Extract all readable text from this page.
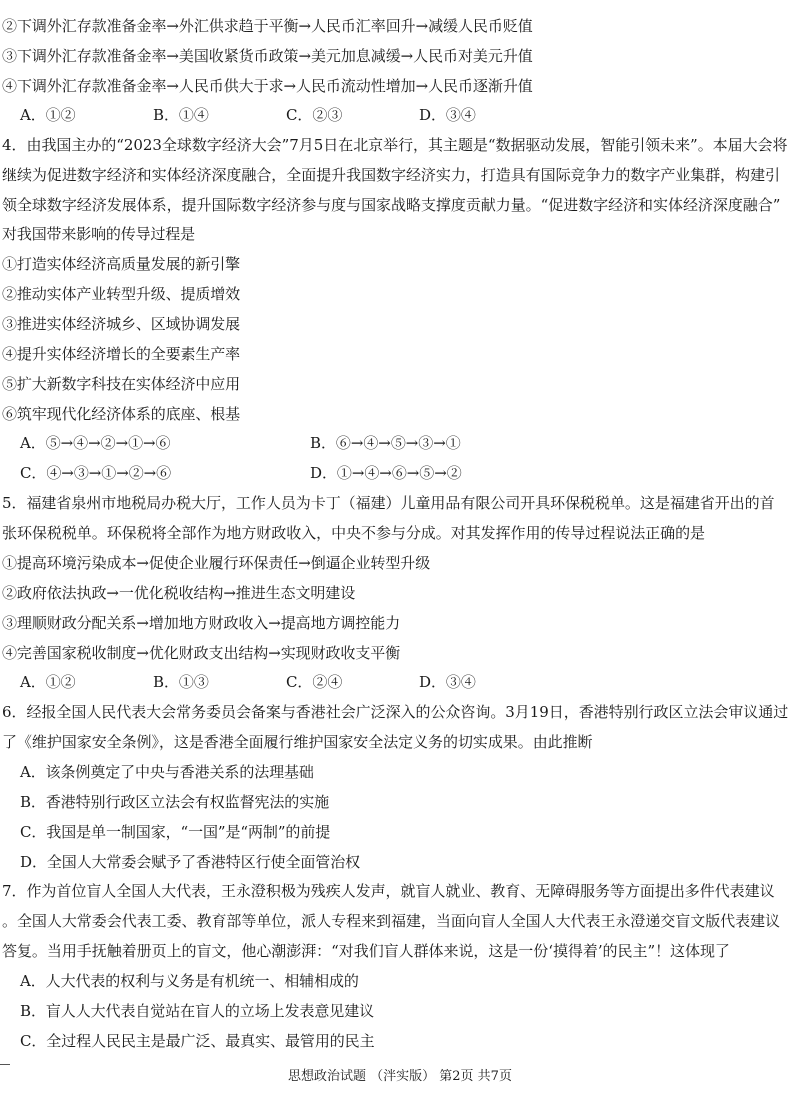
②下调外汇存款准备金率→外汇供求趋于平衡→人民币汇率回升→减缓人民币贬值
③下调外汇存款准备金率→美国收紧货币政策→美元加息减缓→人民币对美元升值
④下调外汇存款准备金率→人民币供大于求→人民币流动性增加→人民币逐渐升值
A．①②	B．①④	C．②③	D．③④
4．由我国主办的“2023全球数字经济大会”7月5日在北京举行，其主题是“数据驱动发展，智能引领未来”。本届大会将
继续为促进数字经济和实体经济深度融合，全面提升我国数字经济实力，打造具有国际竞争力的数字产业集群，构建引
领全球数字经济发展体系，提升国际数字经济参与度与国家战略支撑度贡献力量。“促进数字经济和实体经济深度融合”
对我国带来影响的传导过程是
①打造实体经济高质量发展的新引擎
②推动实体产业转型升级、提质增效
③推进实体经济城乡、区域协调发展
④提升实体经济增长的全要素生产率
⑤扩大新数字科技在实体经济中应用
⑥筑牢现代化经济体系的底座、根基
A．⑤→④→②→①→⑥	B．⑥→④→⑤→③→①
C．④→③→①→②→⑥	D．①→④→⑥→⑤→②
5．福建省泉州市地税局办税大厅，工作人员为卡丁（福建）儿童用品有限公司开具环保税税单。这是福建省开出的首
张环保税税单。环保税将全部作为地方财政收入，中央不参与分成。对其发挥作用的传导过程说法正确的是
①提高环境污染成本→促使企业履行环保责任→倒逼企业转型升级
②政府依法执政→一优化税收结构→推进生态文明建设
③理顺财政分配关系→增加地方财政收入→提高地方调控能力
④完善国家税收制度→优化财政支出结构→实现财政收支平衡
A．①②	B．①③	C．②④	D．③④
6．经报全国人民代表大会常务委员会备案与香港社会广泛深入的公众咨询。3月19日，香港特别行政区立法会审议通过
了《维护国家安全条例》，这是香港全面履行维护国家安全法定义务的切实成果。由此推断
A．该条例奠定了中央与香港关系的法理基础
B．香港特别行政区立法会有权监督宪法的实施
C．我国是单一制国家，“一国”是“两制”的前提
D．全国人大常委会赋予了香港特区行使全面管治权
7．作为首位盲人全国人大代表，王永澄积极为残疾人发声，就盲人就业、教育、无障碍服务等方面提出多件代表建议
。全国人大常委会代表工委、教育部等单位，派人专程来到福建，当面向盲人全国人大代表王永澄递交盲文版代表建议
答复。当用手抚触着册页上的盲文，他心潮澎湃：“对我们盲人群体来说，这是一份‘摸得着’的民主”！这体现了
A．人大代表的权利与义务是有机统一、相辅相成的
B．盲人人大代表自觉站在盲人的立场上发表意见建议
C．全过程人民民主是最广泛、最真实、最管用的民主
思想政治试题 （泮实版） 第2页 共7页
